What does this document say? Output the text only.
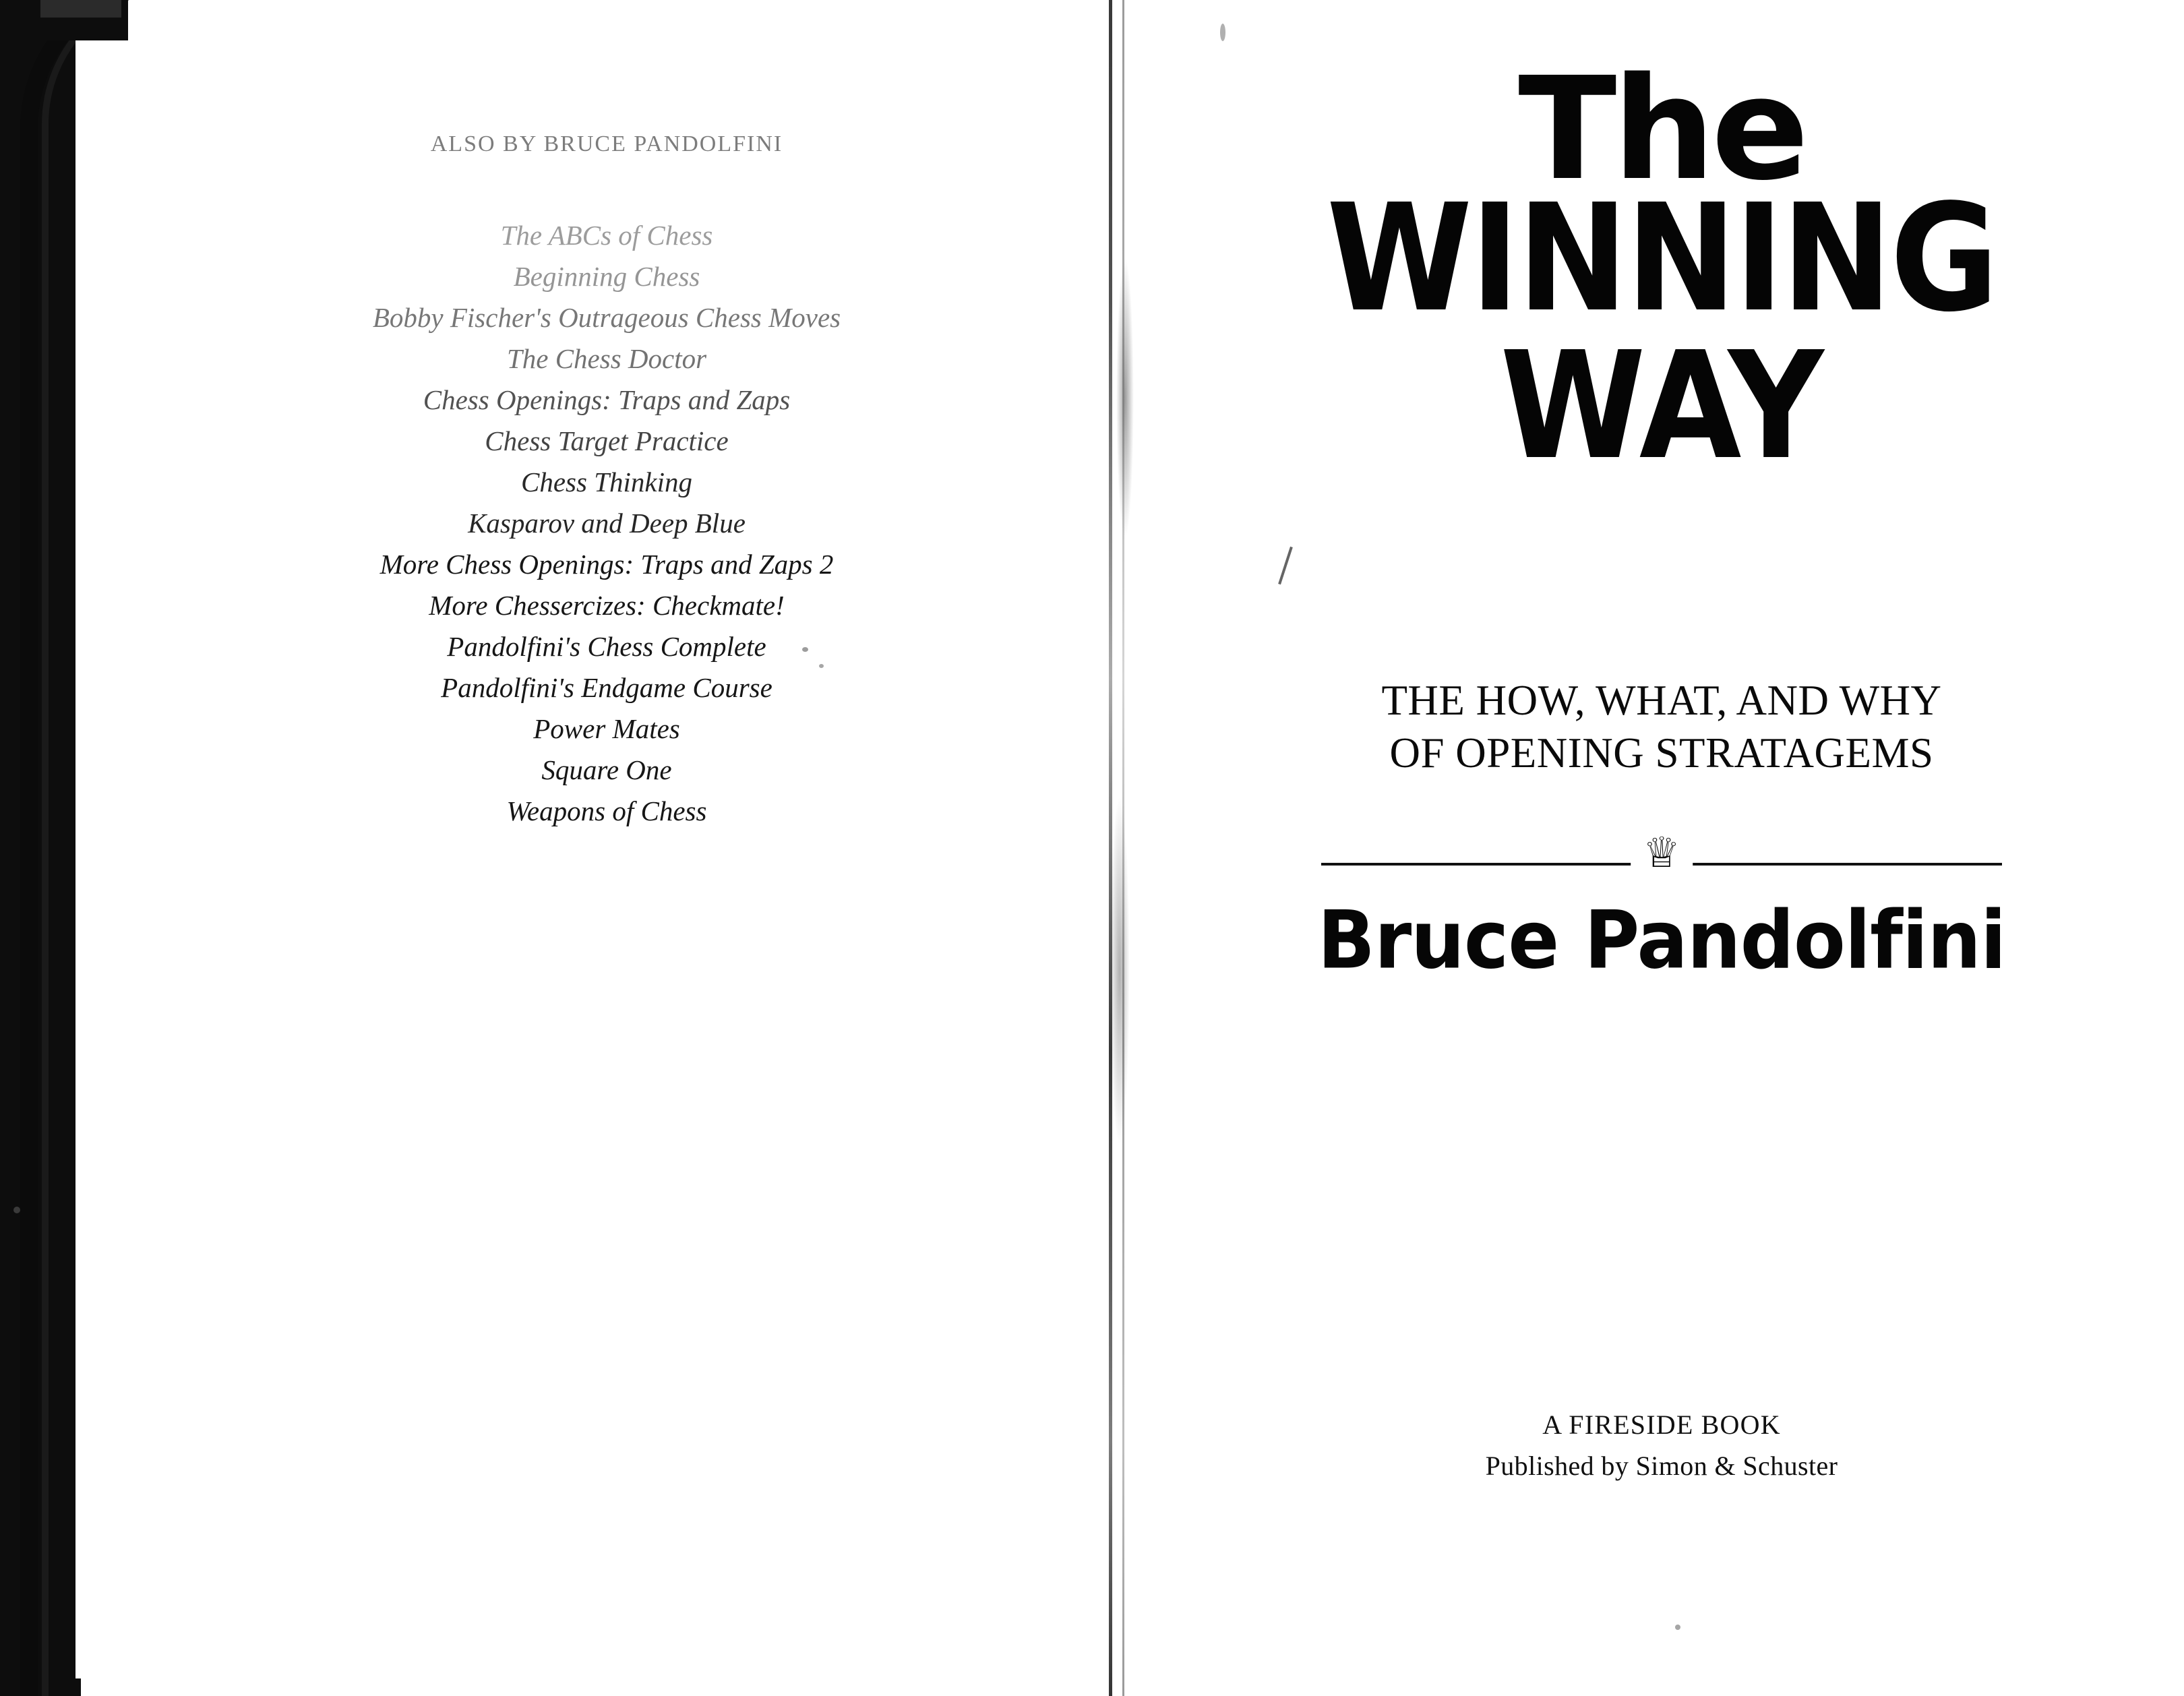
ALSO BY BRUCE PANDOLFINI
The ABCs of Chess
Beginning Chess
Bobby Fischer's Outrageous Chess Moves
The Chess Doctor
Chess Openings: Traps and Zaps
Chess Target Practice
Chess Thinking
Kasparov and Deep Blue
More Chess Openings: Traps and Zaps 2
More Chessercizes: Checkmate!
Pandolfini's Chess Complete
Pandolfini's Endgame Course
Power Mates
Square One
Weapons of Chess
The
WINNING
WAY
THE HOW, WHAT, AND WHY
OF OPENING STRATAGEMS
♕
Bruce Pandolfini
A FIRESIDE BOOK
Published by Simon & Schuster
